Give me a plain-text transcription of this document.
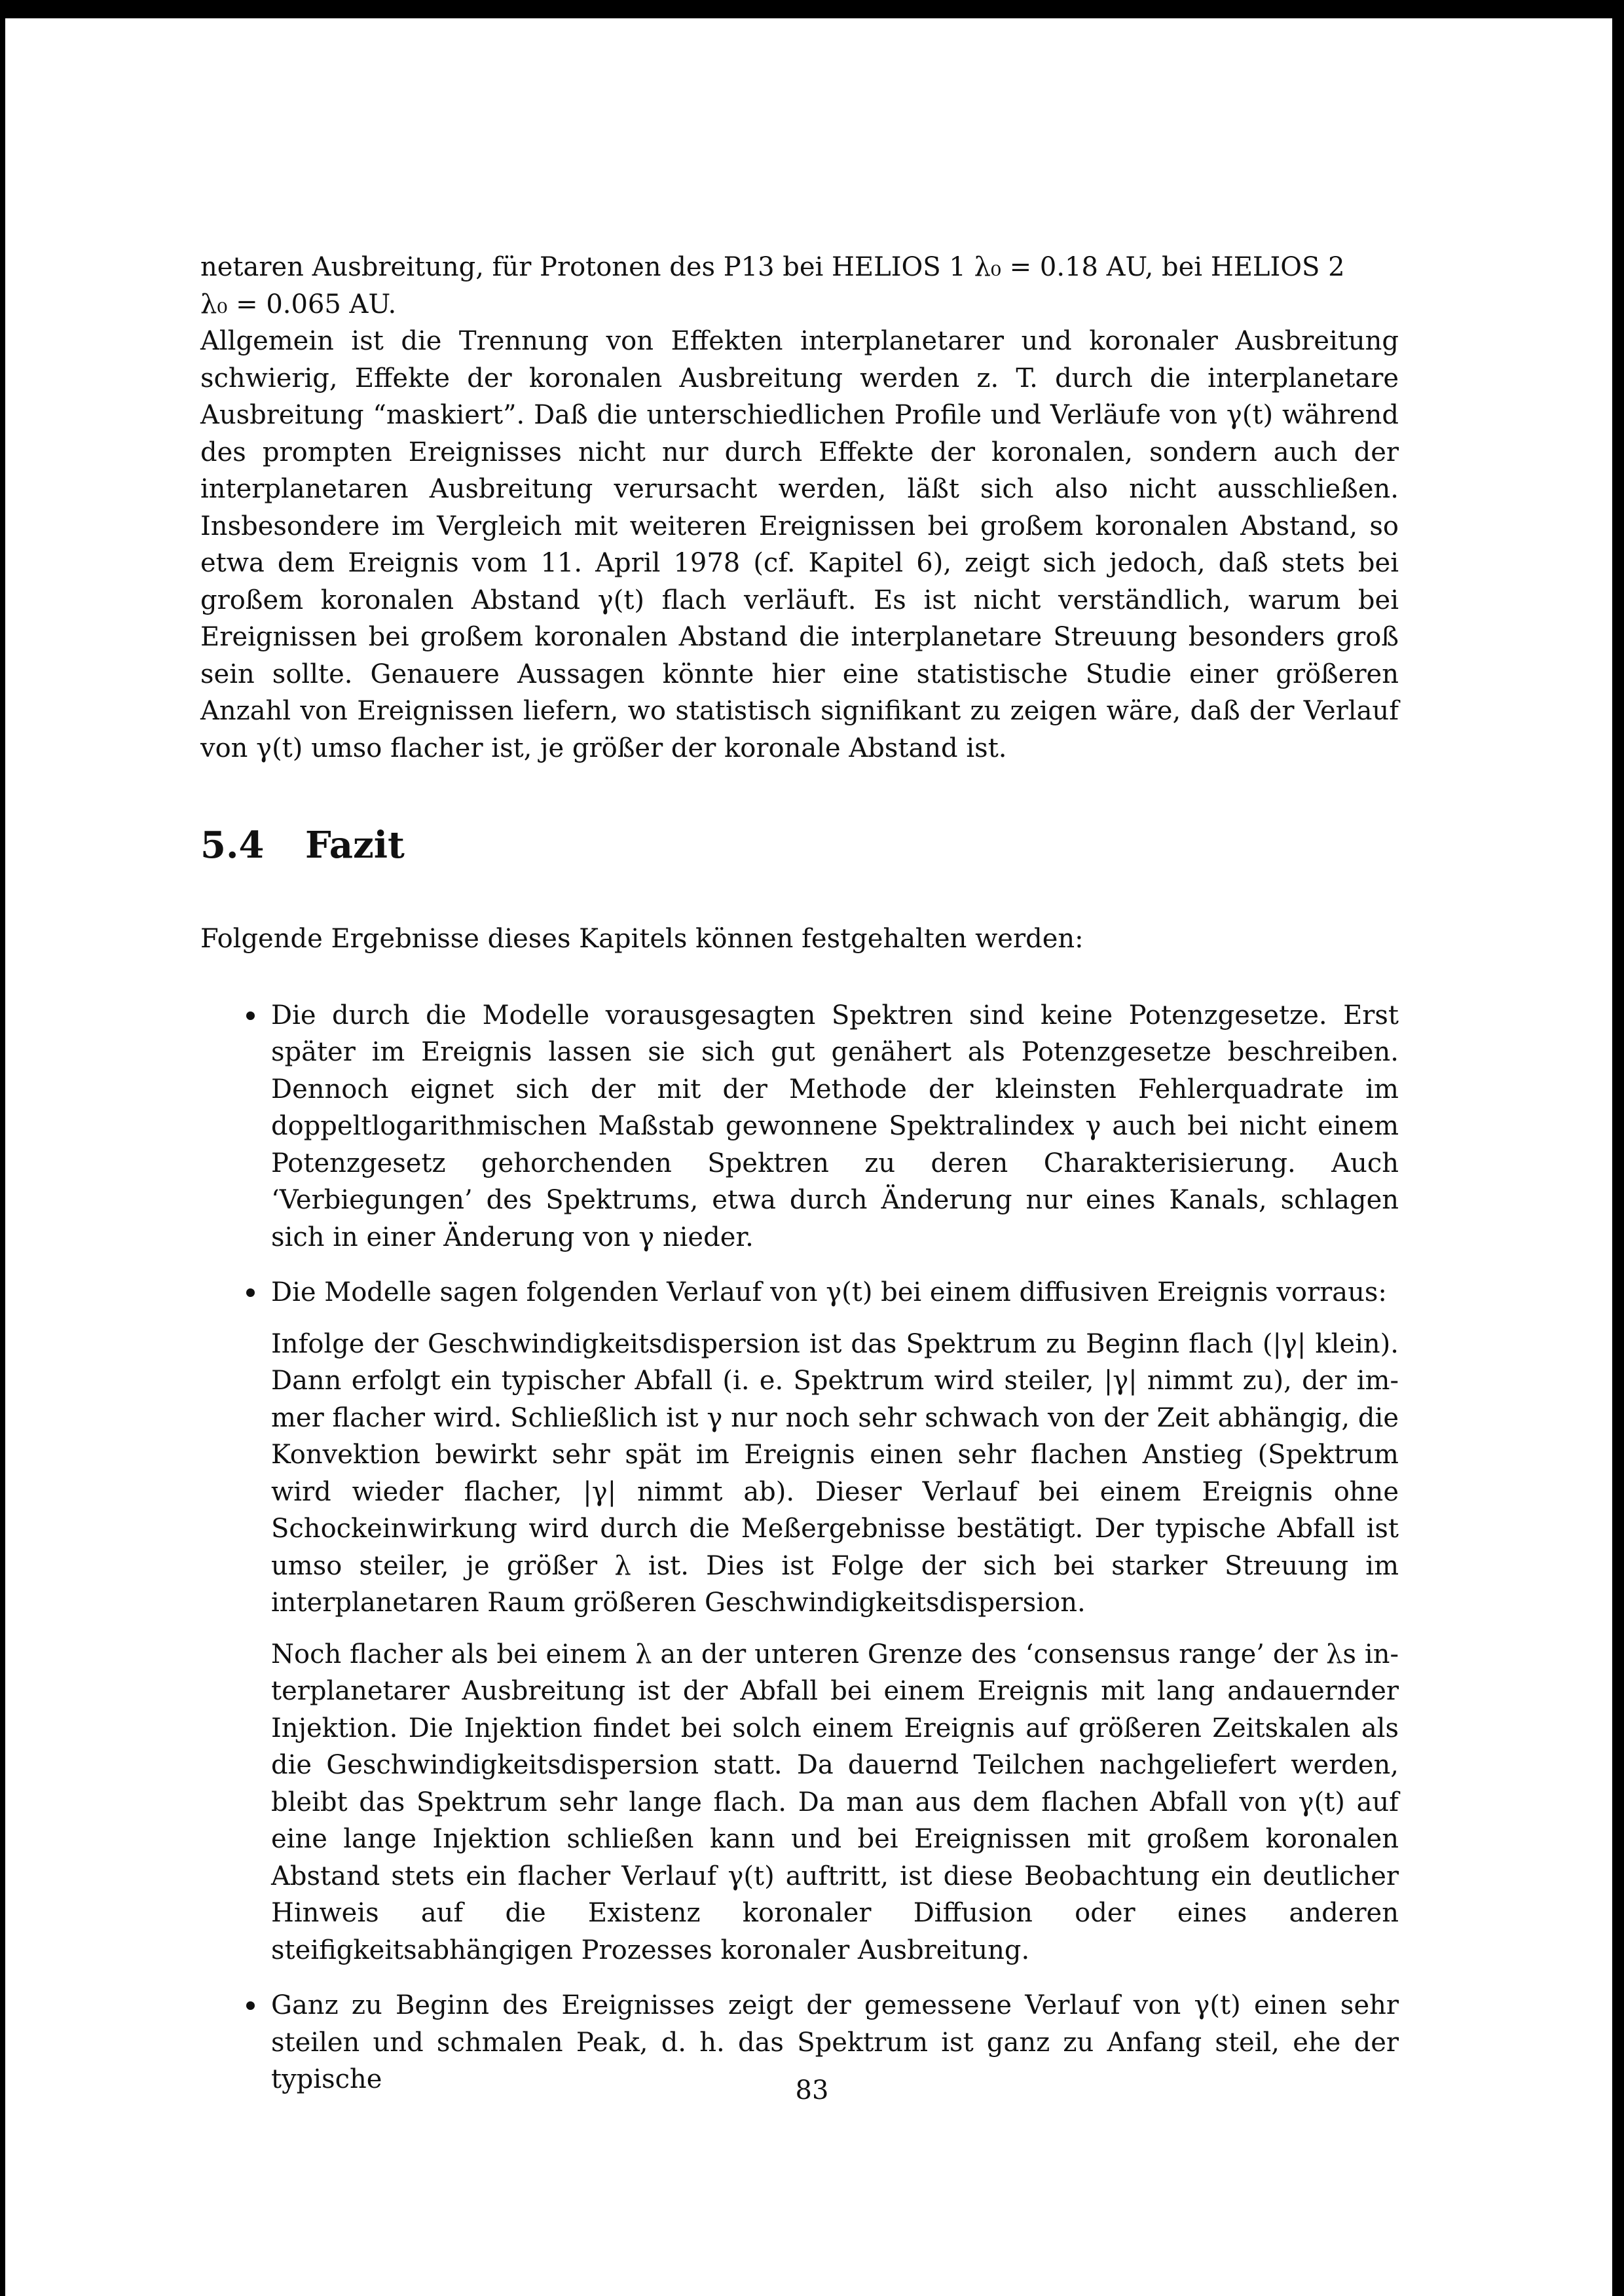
netaren Ausbreitung, für Protonen des P13 bei HELIOS 1 λ₀ = 0.18 AU, bei HELIOS 2
λ₀ = 0.065 AU.

Allgemein ist die Trennung von Effekten interplanetarer und koronaler Ausbreitung schwierig, Effekte der koronalen Ausbreitung werden z. T. durch die interplanetare Ausbreitung “maskiert”. Daß die unterschiedlichen Profile und Verläufe von γ(t) während des prompten Ereignisses nicht nur durch Effekte der koronalen, sondern auch der interplanetaren Ausbreitung verursacht werden, läßt sich also nicht ausschließen. Insbesondere im Vergleich mit weiteren Ereignissen bei großem koronalen Abstand, so etwa dem Ereignis vom 11. April 1978 (cf. Kapitel 6), zeigt sich jedoch, daß stets bei großem koronalen Abstand γ(t) flach verläuft. Es ist nicht verständlich, warum bei Ereignissen bei großem koronalen Abstand die interplanetare Streuung besonders groß sein sollte. Genauere Aussagen könnte hier eine statistische Studie einer größeren Anzahl von Ereignissen liefern, wo statistisch signifikant zu zeigen wäre, daß der Verlauf von γ(t) umso flacher ist, je größer der koronale Abstand ist.

5.4 Fazit

Folgende Ergebnisse dieses Kapitels können festgehalten werden:

Die durch die Modelle vorausgesagten Spektren sind keine Potenzgesetze. Erst später im Ereignis lassen sie sich gut genähert als Potenzgesetze beschreiben. Dennoch eignet sich der mit der Methode der kleinsten Fehlerquadrate im doppeltlogarithmischen Maßstab gewonnene Spektralindex γ auch bei nicht einem Potenzgesetz gehorchenden Spektren zu deren Charakterisierung. Auch ‘Verbiegungen’ des Spektrums, etwa durch Änderung nur eines Kanals, schlagen sich in einer Änderung von γ nieder.

Die Modelle sagen folgenden Verlauf von γ(t) bei einem diffusiven Ereignis vorraus:

Infolge der Geschwindigkeitsdispersion ist das Spektrum zu Beginn flach (|γ| klein). Dann erfolgt ein typischer Abfall (i. e. Spektrum wird steiler, |γ| nimmt zu), der immer flacher wird. Schließlich ist γ nur noch sehr schwach von der Zeit abhängig, die Konvektion bewirkt sehr spät im Ereignis einen sehr flachen Anstieg (Spektrum wird wieder flacher, |γ| nimmt ab). Dieser Verlauf bei einem Ereignis ohne Schockeinwirkung wird durch die Meßergebnisse bestätigt. Der typische Abfall ist umso steiler, je größer λ ist. Dies ist Folge der sich bei starker Streuung im interplanetaren Raum größeren Geschwindigkeitsdispersion.

Noch flacher als bei einem λ an der unteren Grenze des ‘consensus range’ der λs interplanetarer Ausbreitung ist der Abfall bei einem Ereignis mit lang andauernder Injektion. Die Injektion findet bei solch einem Ereignis auf größeren Zeitskalen als die Geschwindigkeitsdispersion statt. Da dauernd Teilchen nachgeliefert werden, bleibt das Spektrum sehr lange flach. Da man aus dem flachen Abfall von γ(t) auf eine lange Injektion schließen kann und bei Ereignissen mit großem koronalen Abstand stets ein flacher Verlauf γ(t) auftritt, ist diese Beobachtung ein deutlicher Hinweis auf die Existenz koronaler Diffusion oder eines anderen steifigkeitsabhängigen Prozesses koronaler Ausbreitung.

Ganz zu Beginn des Ereignisses zeigt der gemessene Verlauf von γ(t) einen sehr steilen und schmalen Peak, d. h. das Spektrum ist ganz zu Anfang steil, ehe der typische	83
